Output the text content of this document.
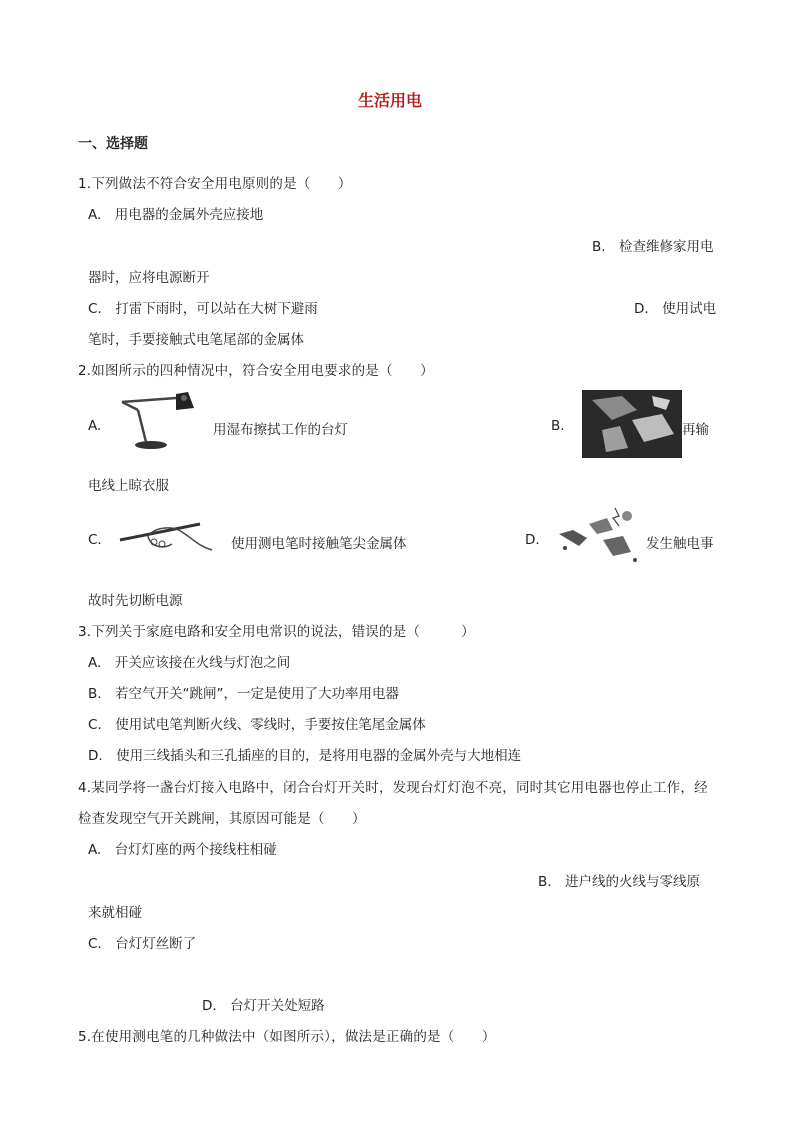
生活用电
一、选择题
1.下列做法不符合安全用电原则的是（　　）
A.　用电器的金属外壳应接地
B.　检查维修家用电
器时，应将电源断开
C.　打雷下雨时，可以站在大树下避雨	D.　使用试电
笔时，手要接触式电笔尾部的金属体
2.如图所示的四种情况中，符合安全用电要求的是（　　）
A.	用湿布擦拭工作的台灯	B.	再输
电线上晾衣服
C.	使用测电笔时接触笔尖金属体	D.	发生触电事
故时先切断电源
3.下列关于家庭电路和安全用电常识的说法，错误的是（　　　）
A.　开关应该接在火线与灯泡之间
B.　若空气开关“跳闸”，一定是使用了大功率用电器
C.　使用试电笔判断火线、零线时，手要按住笔尾金属体
D.　使用三线插头和三孔插座的目的，是将用电器的金属外壳与大地相连
4.某同学将一盏台灯接入电路中，闭合台灯开关时，发现台灯灯泡不亮，同时其它用电器也停止工作，经
检查发现空气开关跳闸，其原因可能是（　　）
A.　台灯灯座的两个接线柱相碰
B.　进户线的火线与零线原
来就相碰
C.　台灯灯丝断了
D.　台灯开关处短路
5.在使用测电笔的几种做法中（如图所示），做法是正确的是（　　）
